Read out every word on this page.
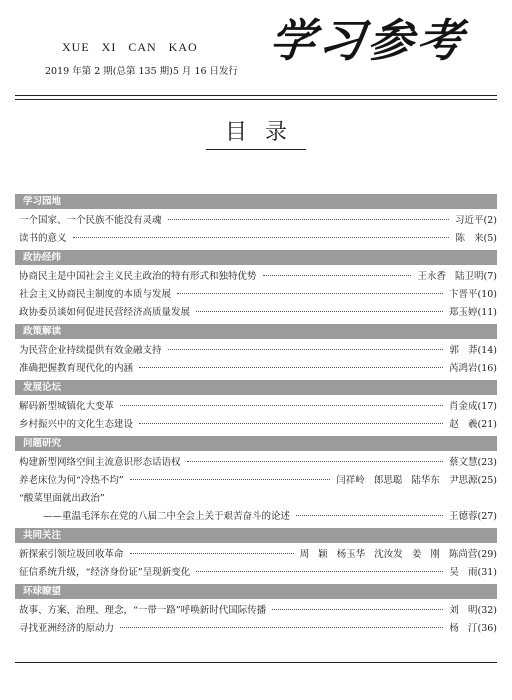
XUE   XI   CAN   KAO
2019 年第 2 期(总第 135 期)5 月 16 日发行
学习参考
目录
学习园地
一个国家、一个民族不能没有灵魂	习近平 (2)
读书的意义	陈   来 (5)
政协经纬
协商民主是中国社会主义民主政治的特有形式和独特优势	王永香   陆卫明 (7)
社会主义协商民主制度的本质与发展	卞晋平 (10)
政协委员谈如何促进民营经济高质量发展	郑玉婷 (11)
政策解读
为民营企业持续提供有效金融支持	郭   莽 (14)
准确把握教育现代化的内涵	芮鸿岩 (16)
发展论坛
解码新型城镇化大变革	肖金成 (17)
乡村振兴中的文化生态建设	赵   羲 (21)
问题研究
构建新型网络空间主流意识形态话语权	蔡文慧 (23)
养老床位为何“冷热不均”	闫祥岭   郎思聪   陆华东   尹思源 (25)
“酸菜里面就出政治”
——重温毛泽东在党的八届二中全会上关于艰苦奋斗的论述	王德蓉 (27)
共同关注
新探索引领垃圾回收革命	周   颖   杨玉华   沈汝发   姜   刚   陈尚营 (29)
征信系统升级，“经济身份证”呈现新变化	吴   雨 (31)
环球瞭望
故事、方案、治理、理念，“一带一路”呼唤新时代国际传播	刘   明 (32)
寻找亚洲经济的原动力	杨   汀 (36)
